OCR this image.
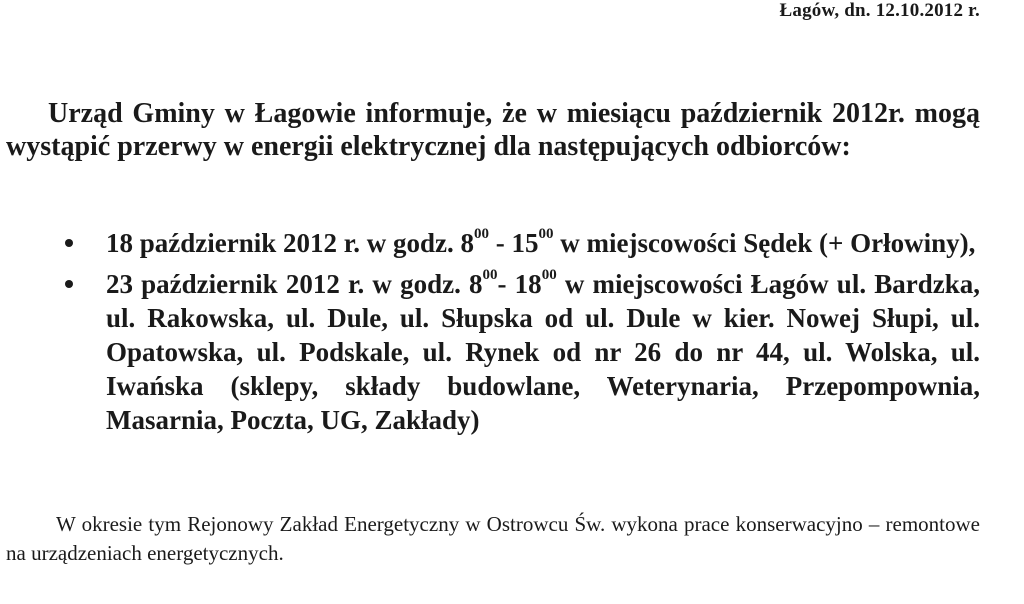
Łagów, dn. 12.10.2012 r.
Urząd Gminy w Łagowie informuje, że w miesiącu październik 2012r. mogą wystąpić przerwy w energii elektrycznej dla następujących odbiorców:
18 październik 2012 r. w godz. $8^{00} - 15^{00}$ w miejscowości Sędek (+ Orłowiny),
23 październik 2012 r. w godz. $8^{00}-$ $18^{00}$ w miejscowości Łagów ul. Bardzka, ul. Rakowska, ul. Dule, ul. Słupska od ul. Dule w kier. Nowej Słupi, ul. Opatowska, ul. Podskale, ul. Rynek od nr 26 do nr 44, ul. Wolska, ul. Iwańska (sklepy, składy budowlane, Weterynaria, Przepompownia, Masarnia, Poczta, UG, Zakłady)
W okresie tym Rejonowy Zakład Energetyczny w Ostrowcu Św. wykona prace konserwacyjno – remontowe na urządzeniach energetycznych.
